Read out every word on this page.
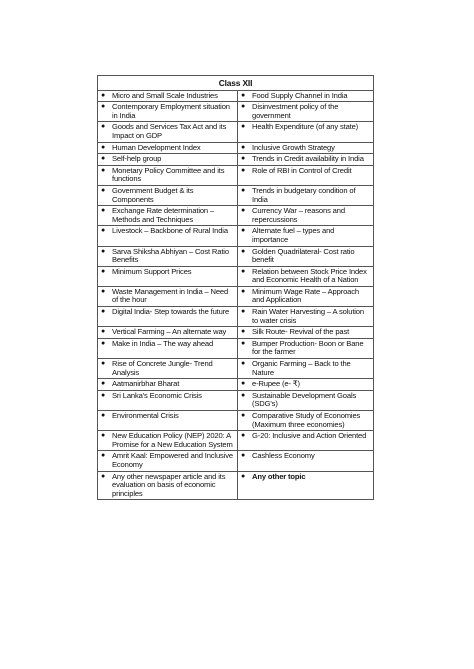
Class XII	

● Micro and Small Scale Industries	● Food Supply Channel in India

● Contemporary Employment situation in India	● Disinvestment policy of the government

● Goods and Services Tax Act and its Impact on GDP	● Health Expenditure (of any state)

● Human Development Index	● Inclusive Growth Strategy

● Self-help group	● Trends in Credit availability in India

● Monetary Policy Committee and its functions	● Role of RBI in Control of Credit

● Government Budget & its Components	● Trends in budgetary condition of India

● Exchange Rate determination – Methods and Techniques	● Currency War – reasons and repercussions

● Livestock – Backbone of Rural India	● Alternate fuel – types and importance

● Sarva Shiksha Abhiyan – Cost Ratio Benefits	● Golden Quadrilateral- Cost ratio benefit

● Minimum Support Prices	● Relation between Stock Price Index and Economic Health of a Nation

● Waste Management in India – Need of the hour	● Minimum Wage Rate – Approach and Application

● Digital India- Step towards the future	● Rain Water Harvesting – A solution to water crisis

● Vertical Farming – An alternate way	● Silk Route- Revival of the past

● Make in India – The way ahead	● Bumper Production- Boon or Bane for the farmer

● Rise of Concrete Jungle- Trend Analysis	● Organic Farming – Back to the Nature

● Aatmanirbhar Bharat	● e-Rupee (e- ₹)

● Sri Lanka's Economic Crisis	● Sustainable Development Goals (SDG's)

● Environmental Crisis	● Comparative Study of Economies (Maximum three economies)

● New Education Policy (NEP) 2020: A Promise for a New Education System	● G-20: Inclusive and Action Oriented

● Amrit Kaal: Empowered and Inclusive Economy	● Cashless Economy

● Any other newspaper article and its evaluation on basis of economic principles	● Any other topic
